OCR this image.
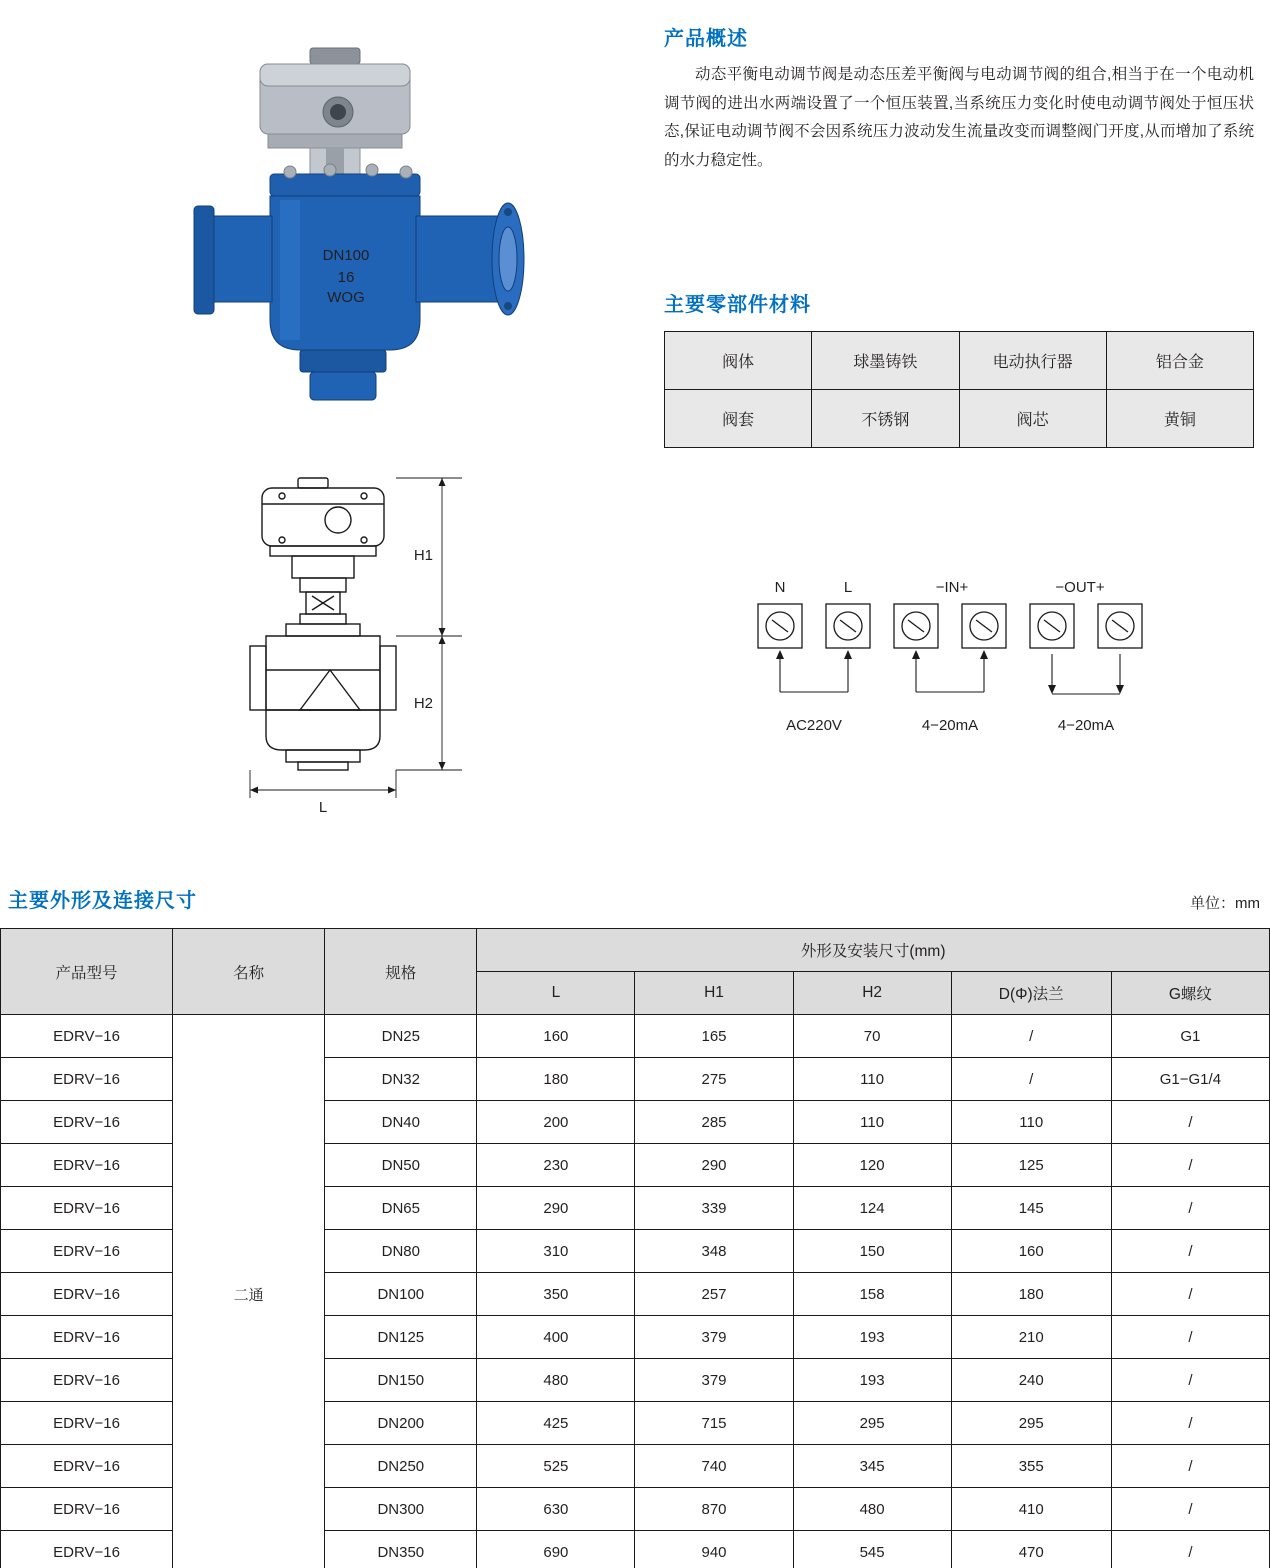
DN100
16
WOG
产品概述

动态平衡电动调节阀是动态压差平衡阀与电动调节阀的组合,相当于在一个电动机调节阀的进出水两端设置了一个恒压装置,当系统压力变化时使电动调节阀处于恒压状态,保证电动调节阀不会因系统压力波动发生流量改变而调整阀门开度,从而增加了系统的水力稳定性。

主要零部件材料
阀体	球墨铸铁	电动执行器	铝合金
阀套	不锈钢	阀芯	黄铜
H1
H2
L
N	L	−IN+	−OUT+
AC220V	4−20mA	4−20mA
主要外形及连接尺寸	单位：mm
产品型号	名称	规格	外形及安装尺寸(mm)				
			L	H1	H2	D(Φ)法兰	G螺纹
EDRV−16	二通	DN25	160	165	70	/	G1
EDRV−16		DN32	180	275	110	/	G1−G1/4
EDRV−16		DN40	200	285	110	110	/
EDRV−16		DN50	230	290	120	125	/
EDRV−16		DN65	290	339	124	145	/
EDRV−16		DN80	310	348	150	160	/
EDRV−16		DN100	350	257	158	180	/
EDRV−16		DN125	400	379	193	210	/
EDRV−16		DN150	480	379	193	240	/
EDRV−16		DN200	425	715	295	295	/
EDRV−16		DN250	525	740	345	355	/
EDRV−16		DN300	630	870	480	410	/
EDRV−16		DN350	690	940	545	470	/
